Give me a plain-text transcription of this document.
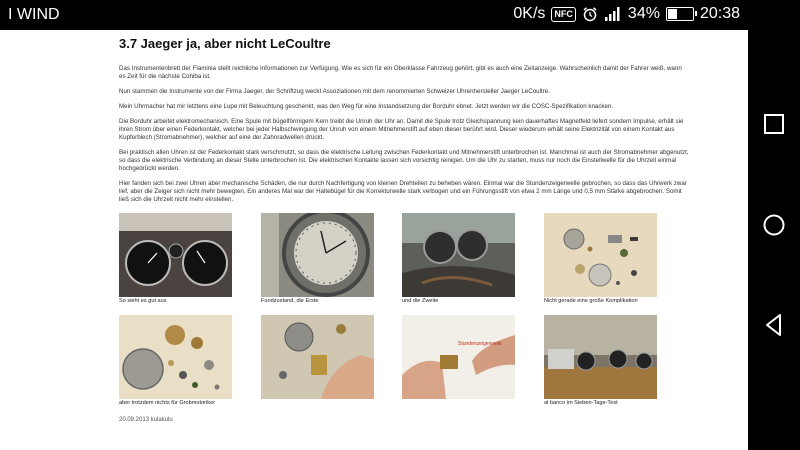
I WIND	0K/s	NFC	34%	20:38
3.7 Jaeger ja, aber nicht LeCoultre

Das Instrumentenbrett der Flaminia stellt reichliche Informationen zur Verfügung. Wie es sich für ein Oberklasse Fahrzeug gehört, gibt es auch eine Zeitanzeige. Wahrscheinlich damit der Fahrer weiß, wann es Zeit für die nächste Cohiba ist.

Nun stammen die Instrumente von der Firma Jaeger, der Schriftzug weckt Assoziationen mit dem renommierten Schweizer Uhrenhersteller Jaeger LeCoultre.

Mein Uhrmacher hat mir letztens eine Lupe mit Beleuchtung geschenkt, was den Weg für eine Instandsetzung der Borduhr ebnet. Jetzt werden wir die COSC-Spezifikation knacken.

Die Borduhr arbeitet elektromechanisch. Eine Spule mit bügelförmigem Kern treibt die Unruh der Uhr an. Damit die Spule trotz Gleichspannung kein dauerhaftes Magnetfeld liefert sondern Impulse, erhält sie ihren Strom über einen Federkontakt, welcher bei jeder Halbschwingung der Unruh von einem Mitnehmerstift auf eben dieser berührt wird. Dieser wiederum erhält seine Elektrizität von einem Kontakt aus Kupferblech (Stromabnehmer), welcher auf eine der Zahnradwellen drückt.

Bei praktisch allen Uhren ist der Federkontakt stark verschmutzt, so dass die elektrische Leitung zwischen Federkontakt und Mitnehmerstift unterbrochen ist. Manchmal ist auch der Stromabnehmer abgenutzt, so dass die elektrische Verbindung an dieser Stelle unterbrochen ist. Die elektrischen Kontakte lassen sich vorsichtig reinigen. Um die Uhr zu starten, muss nur noch die Einstellwelle für die Uhrzeit einmal hochgedrückt werden.

Hier fanden sich bei zwei Uhren aber mechanische Schäden, die nur durch Nachfertigung von kleinen Drehteilen zu beheben wären. Einmal war die Stundenzeigerwelle gebrochen, so dass das Uhrwerk zwar lief, aber die Zeiger sich nicht mehr bewegten. Ein anderes Mal war der Haltebügel für die Korrekturwelle stark verbogen und ein Führungsstift von etwa 2 mm Länge und 0,5 mm Stärke abgebrochen. Somit ließ sich die Uhrzeit nicht mehr einstellen.

So sieht es gut aus	Fundzustand, die Erste	und die Zweite	Nicht gerade eine große Komplikation
aber trotzdem nichts für Grobmotoriker
Stundenzeigerwelle
al banco im Sieben-Tage-Test
20.09.2013 kulakulu
